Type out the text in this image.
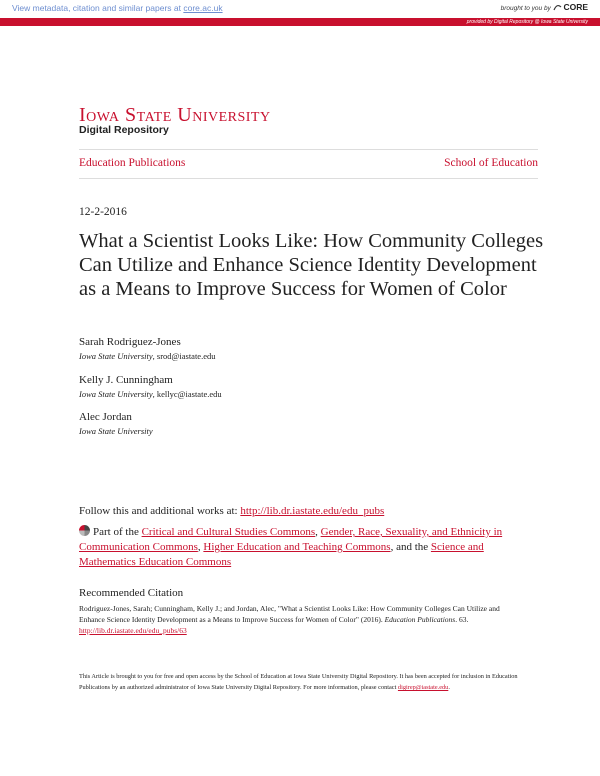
View metadata, citation and similar papers at core.ac.uk	brought to you by CORE
provided by Digital Repository @ Iowa State University
Iowa State University
Digital Repository
Education Publications	School of Education
12-2-2016
What a Scientist Looks Like: How Community Colleges Can Utilize and Enhance Science Identity Development as a Means to Improve Success for Women of Color
Sarah Rodriguez-Jones
Iowa State University, srod@iastate.edu
Kelly J. Cunningham
Iowa State University, kellyc@iastate.edu
Alec Jordan
Iowa State University
Follow this and additional works at: http://lib.dr.iastate.edu/edu_pubs
Part of the Critical and Cultural Studies Commons, Gender, Race, Sexuality, and Ethnicity in Communication Commons, Higher Education and Teaching Commons, and the Science and Mathematics Education Commons
Recommended Citation
Rodriguez-Jones, Sarah; Cunningham, Kelly J.; and Jordan, Alec, "What a Scientist Looks Like: How Community Colleges Can Utilize and Enhance Science Identity Development as a Means to Improve Success for Women of Color" (2016). Education Publications. 63.
http://lib.dr.iastate.edu/edu_pubs/63
This Article is brought to you for free and open access by the School of Education at Iowa State University Digital Repository. It has been accepted for inclusion in Education Publications by an authorized administrator of Iowa State University Digital Repository. For more information, please contact digirep@iastate.edu.
